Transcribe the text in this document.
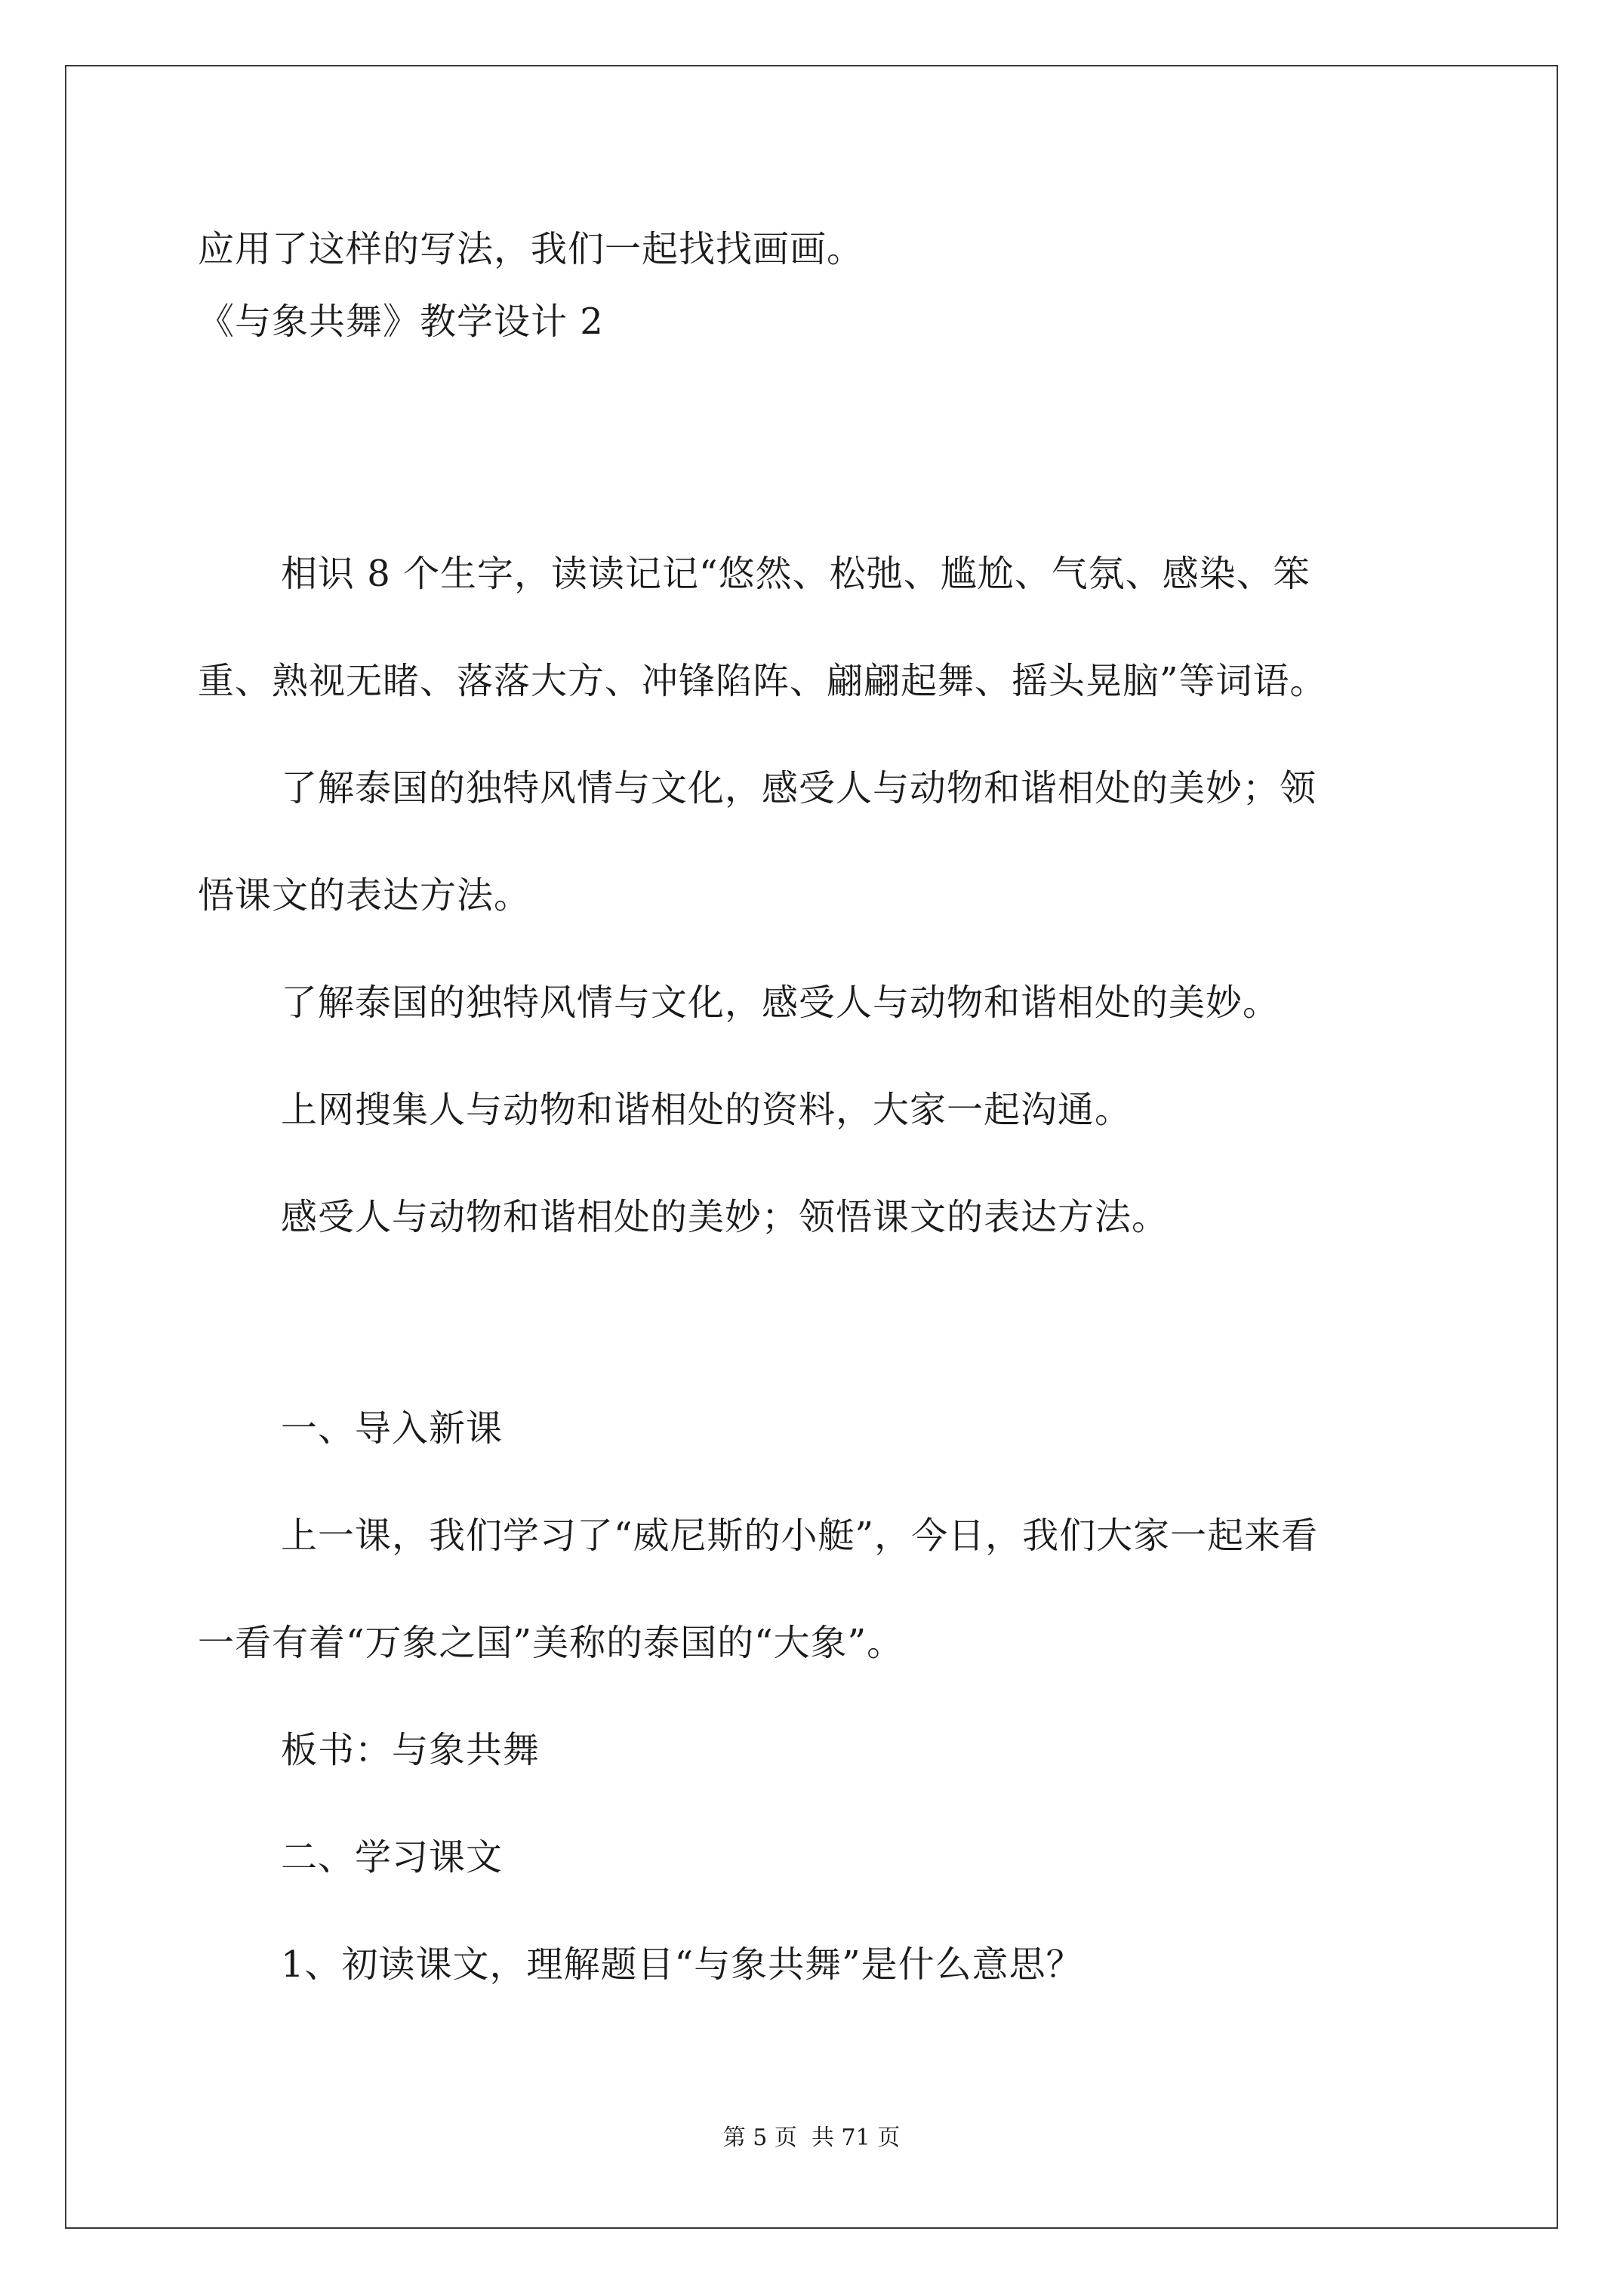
应用了这样的写法，我们一起找找画画。

《与象共舞》教学设计 2

相识 8 个生字，读读记记“悠然、松弛、尴尬、气氛、感染、笨

重、熟视无睹、落落大方、冲锋陷阵、翩翩起舞、摇头晃脑”等词语。

了解泰国的独特风情与文化，感受人与动物和谐相处的美妙；领

悟课文的表达方法。

了解泰国的独特风情与文化，感受人与动物和谐相处的美妙。

上网搜集人与动物和谐相处的资料，大家一起沟通。

感受人与动物和谐相处的美妙；领悟课文的表达方法。

一、导入新课

上一课，我们学习了“威尼斯的小艇”，今日，我们大家一起来看

一看有着“万象之国”美称的泰国的“大象”。

板书：与象共舞

二、学习课文

1、初读课文，理解题目“与象共舞”是什么意思？

第 5 页  共 71 页
